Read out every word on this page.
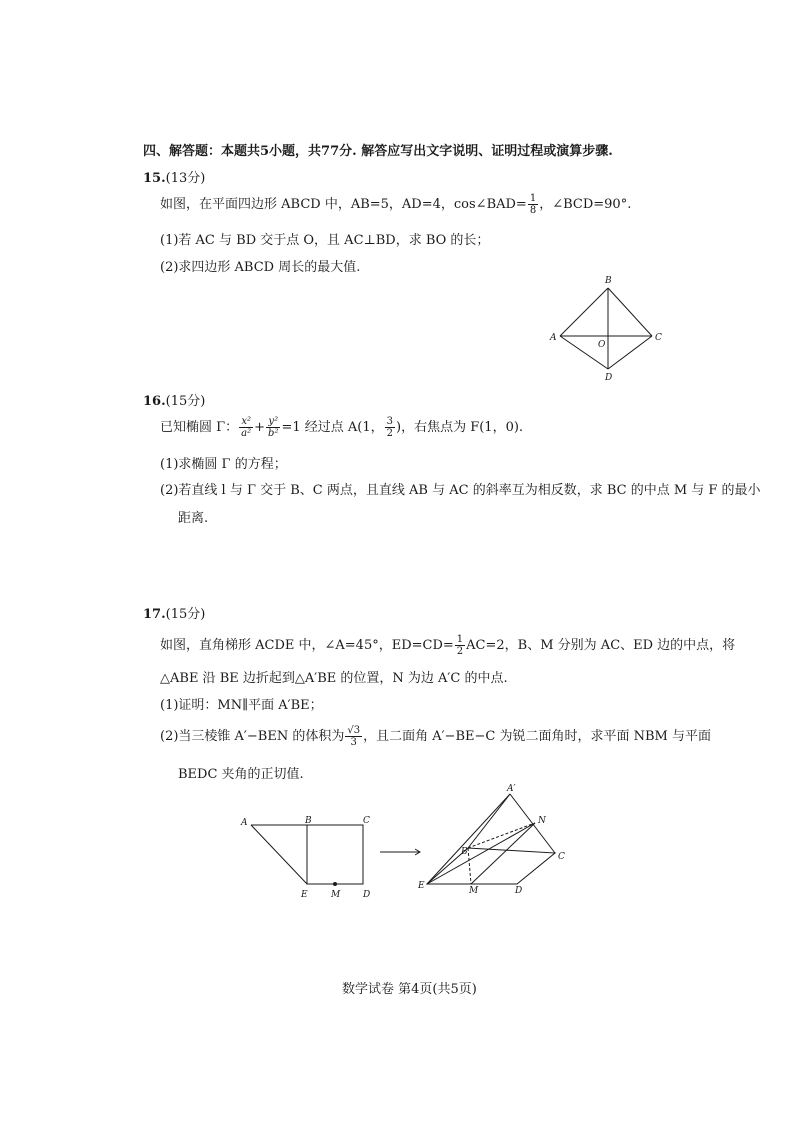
四、解答题：本题共5小题，共77分. 解答应写出文字说明、证明过程或演算步骤.
15.(13分)
如图，在平面四边形 ABCD 中，AB=5，AD=4，cos∠BAD= $\frac{1}{8}$ ，∠BCD=90°.
(1)若 AC 与 BD 交于点 O，且 AC⊥BD，求 BO 的长；
(2)求四边形 ABCD 周长的最大值.
A
B
C
D
O
16.(15分)
已知椭圆 Γ： $\frac{\text{x²}}{\text{a²}} + \frac{\text{y²}}{\text{b²}} =1$ 经过点 A(1， $\frac{3}{2}$ )，右焦点为 F(1，0).
(1)求椭圆 Γ 的方程；
(2)若直线 l 与 Γ 交于 B、C 两点，且直线 AB 与 AC 的斜率互为相反数，求 BC 的中点 M 与 F 的最小
距离.
17.(15分)
如图，直角梯形 ACDE 中，∠A=45°，$ED=CD= \frac{1}{2} AC=2$，B、M 分别为 AC、ED 边的中点，将
△ABE 沿 BE 边折起到△A′BE 的位置，N 为边 A′C 的中点.
(1)证明：MN∥平面 A′BE；
(2)当三棱锥 A′−BEN 的体积为 $\frac{√3}{3}$ ，且二面角 A′−BE−C 为锐二面角时，求平面 NBM 与平面
BEDC 夹角的正切值.
A	B	C
D
E	M
A′
B	C
D
E	M
N
数学试卷 第4页(共5页)
